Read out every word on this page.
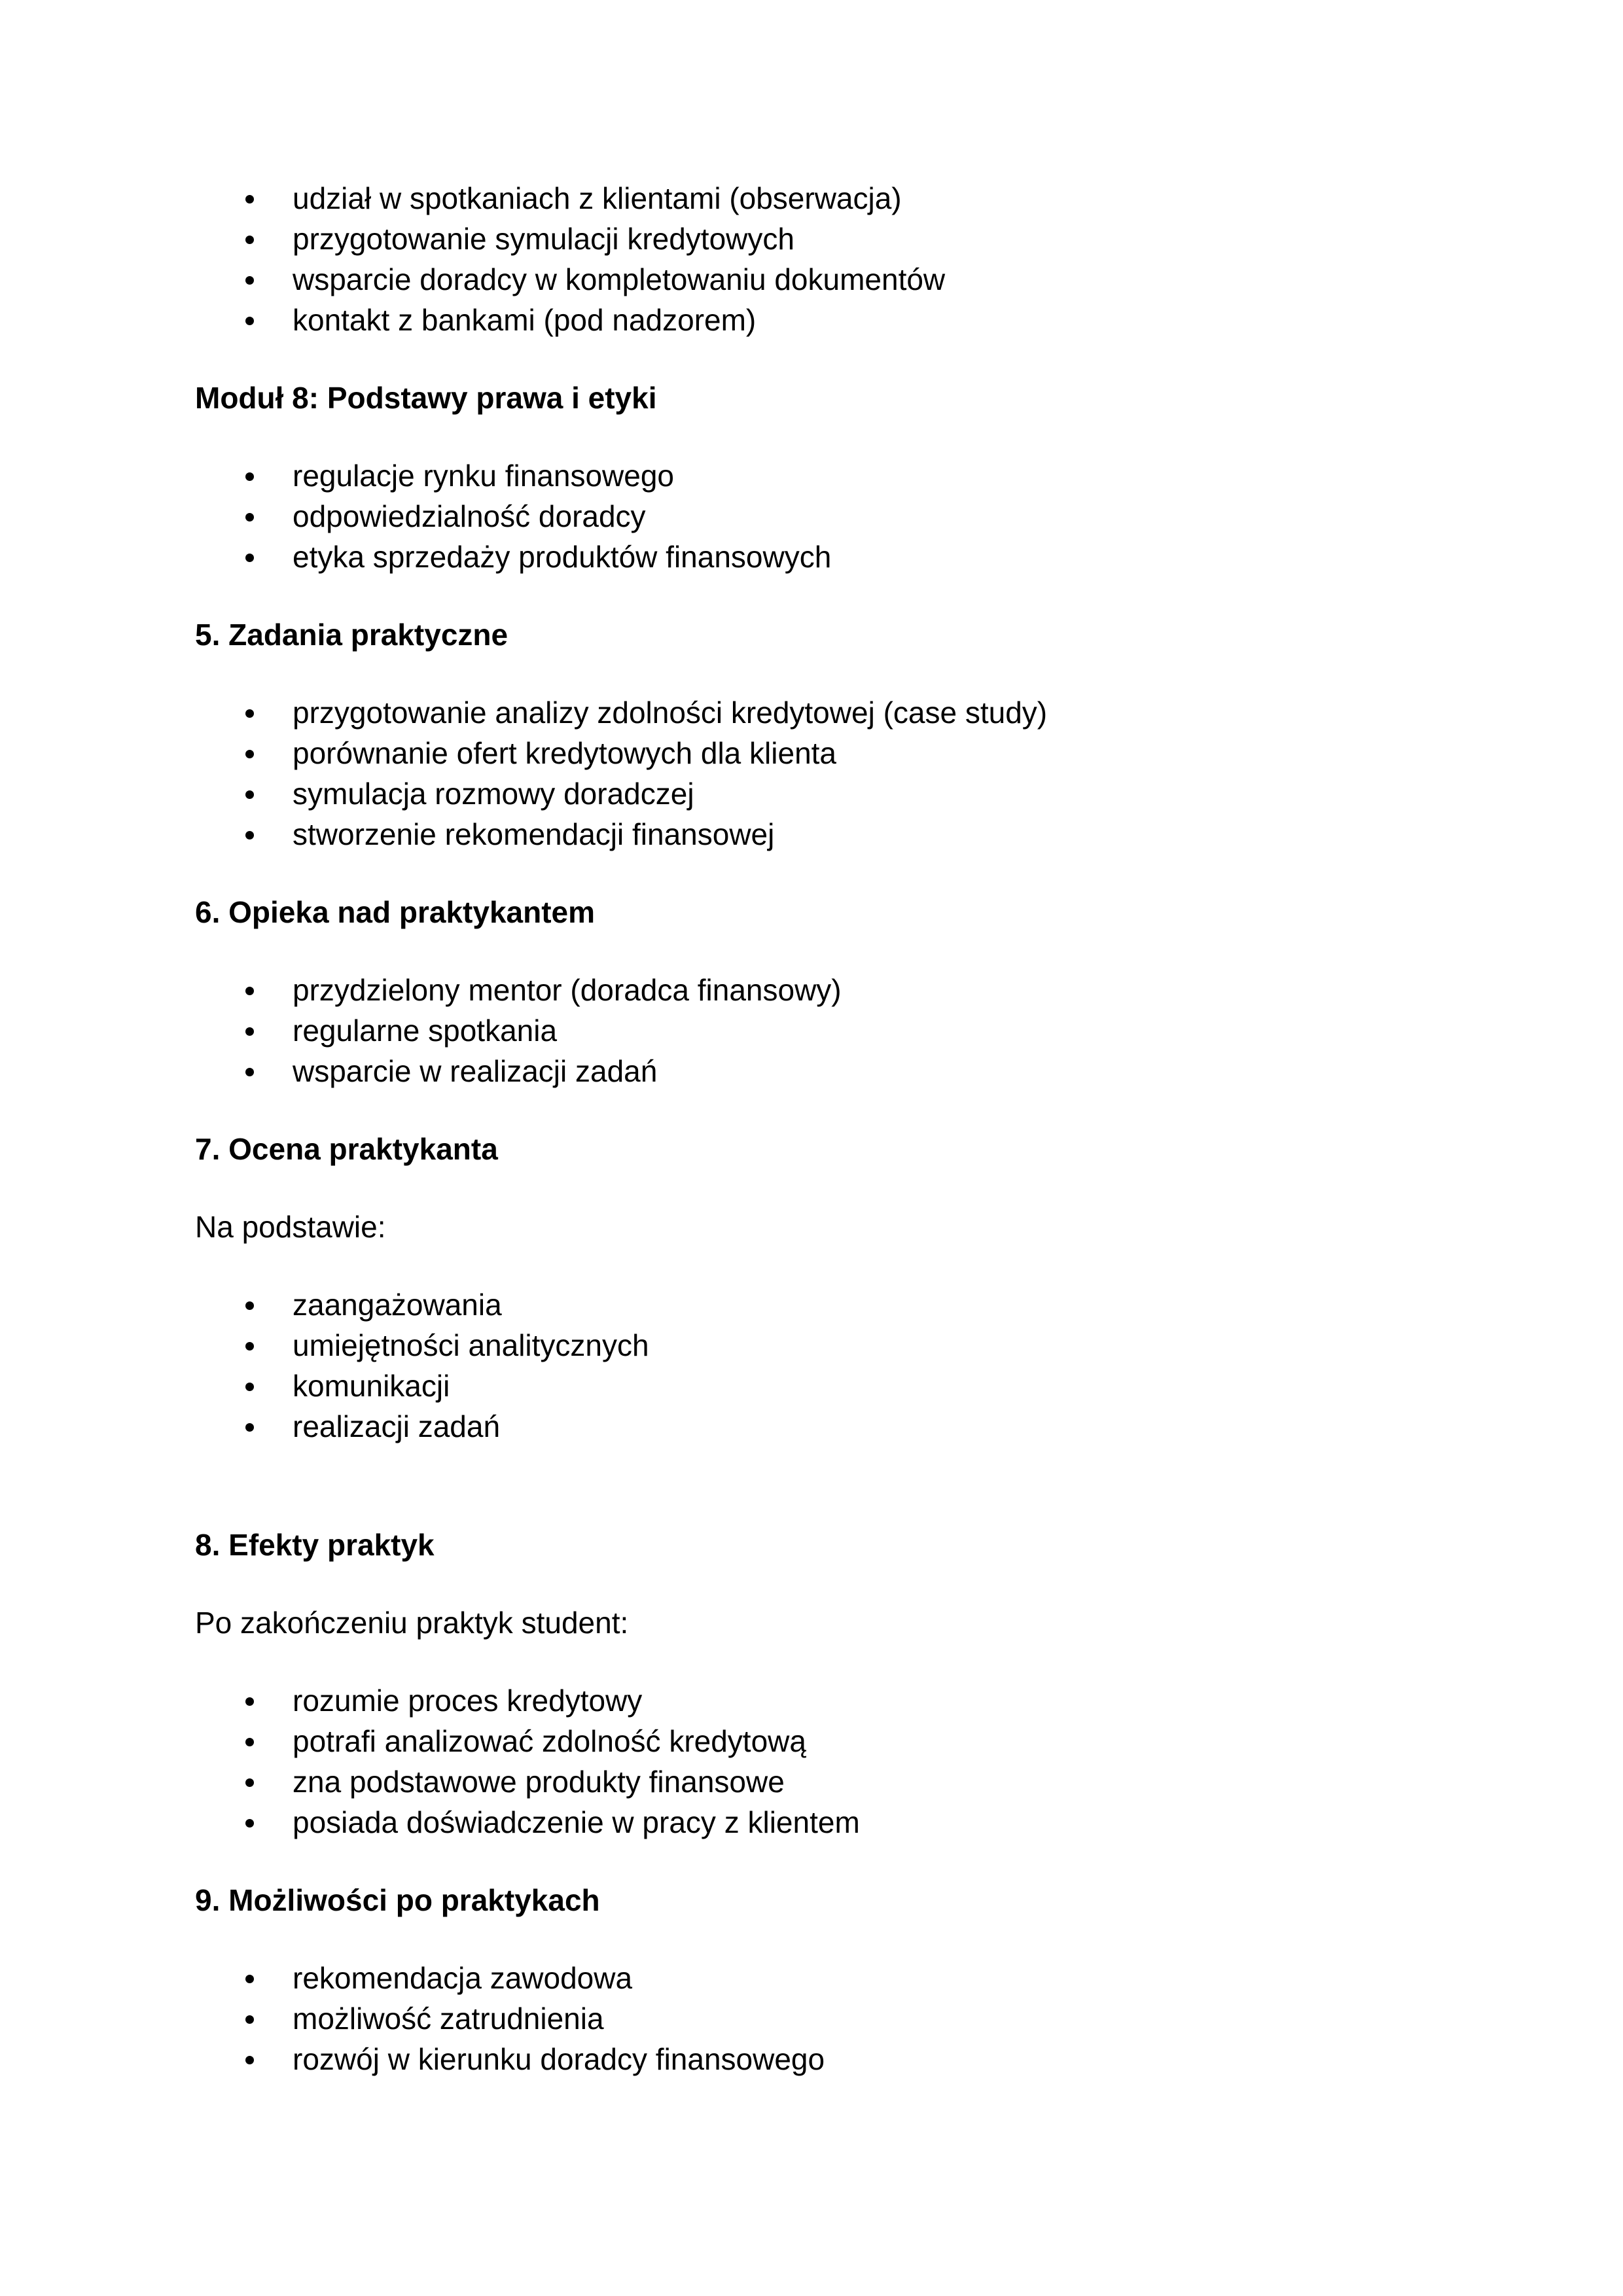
udział w spotkaniach z klientami (obserwacja)
przygotowanie symulacji kredytowych
wsparcie doradcy w kompletowaniu dokumentów
kontakt z bankami (pod nadzorem)

Moduł 8: Podstawy prawa i etyki

regulacje rynku finansowego
odpowiedzialność doradcy
etyka sprzedaży produktów finansowych

5. Zadania praktyczne

przygotowanie analizy zdolności kredytowej (case study)
porównanie ofert kredytowych dla klienta
symulacja rozmowy doradczej
stworzenie rekomendacji finansowej

6. Opieka nad praktykantem

przydzielony mentor (doradca finansowy)
regularne spotkania
wsparcie w realizacji zadań

7. Ocena praktykanta

Na podstawie:

zaangażowania
umiejętności analitycznych
komunikacji
realizacji zadań

8. Efekty praktyk

Po zakończeniu praktyk student:

rozumie proces kredytowy
potrafi analizować zdolność kredytową
zna podstawowe produkty finansowe
posiada doświadczenie w pracy z klientem

9. Możliwości po praktykach

rekomendacja zawodowa
możliwość zatrudnienia
rozwój w kierunku doradcy finansowego
